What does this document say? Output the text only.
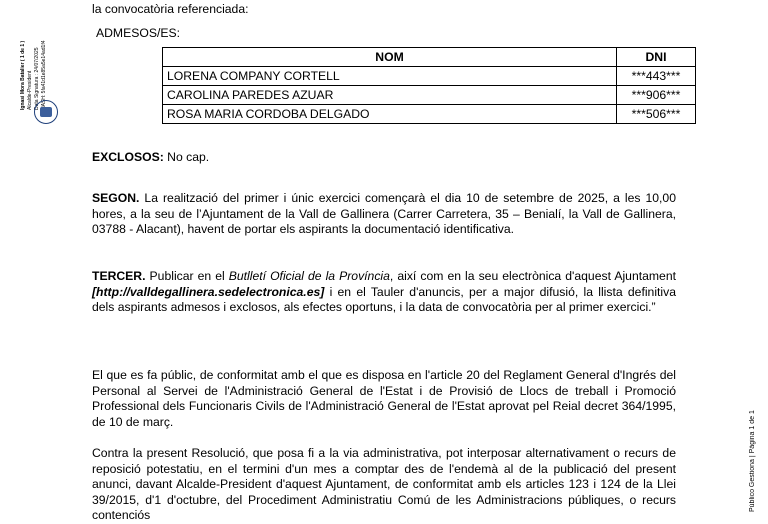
Ignasi Mora Batalier ( 1 de 1 ) Alcalde-President Data Signatura : 24/07/2025 HASH: 5fa41d1e85a5e14ad1f4
Público Gestiona | Página 1 de 1

la convocatòria referenciada:

ADMESOS/ES:

NOM	DNI
LORENA COMPANY CORTELL	***443***
CAROLINA PAREDES AZUAR	***906***
ROSA MARIA CORDOBA DELGADO	***506***

EXCLOSOS: No cap.

SEGON. La realització del primer i únic exercici començarà el dia 10 de setembre de 2025, a les 10,00 hores, a la seu de l’Ajuntament de la Vall de Gallinera (Carrer Carretera, 35 – Benialí, la Vall de Gallinera, 03788 - Alacant), havent de portar els aspirants la documentació identificativa.

TERCER. Publicar en el Butlletí Oficial de la Província, així com en la seu electrònica d'aquest Ajuntament [http://valldegallinera.sedelectronica.es] i en el Tauler d'anuncis, per a major difusió, la llista definitiva dels aspirants admesos i exclosos, als efectes oportuns, i la data de convocatòria per al primer exercici.”

El que es fa públic, de conformitat amb el que es disposa en l'article 20 del Reglament General d'Ingrés del Personal al Servei de l'Administració General de l'Estat i de Provisió de Llocs de treball i Promoció Professional dels Funcionaris Civils de l'Administració General de l'Estat aprovat pel Reial decret 364/1995, de 10 de març.

Contra la present Resolució, que posa fi a la via administrativa, pot interposar alternativament o recurs de reposició potestatiu, en el termini d'un mes a comptar des de l'endemà al de la publicació del present anunci, davant Alcalde-President d'aquest Ajuntament, de conformitat amb els articles 123 i 124 de la Llei 39/2015, d'1 d'octubre, del Procediment Administratiu Comú de les Administracions públiques, o recurs contenciós
